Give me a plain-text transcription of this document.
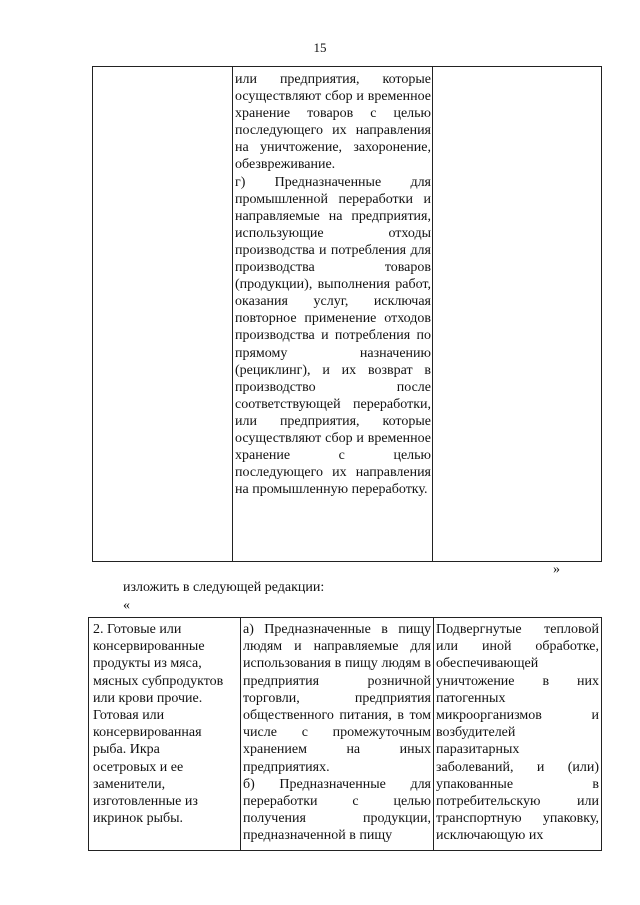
15
или предприятия, которые осуществляют сбор и временное хранение товаров с целью последующего их направления на уничтожение, захоронение, обезвреживание.
г) Предназначенные для промышленной переработки и направляемые на предприятия, использующие отходы производства и потребления для производства товаров (продукции), выполнения работ, оказания услуг, исключая повторное применение отходов производства и потребления по прямому назначению (рециклинг), и их возврат в производство после соответствующей переработки, или предприятия, которые осуществляют сбор и временное хранение с целью последующего их направления на промышленную переработку.
»
изложить в следующей редакции:
«
2. Готовые или
консервированные
продукты из мяса,
мясных субпродуктов
или крови прочие.
Готовая или
консервированная
рыба. Икра
осетровых и ее
заменители,
изготовленные из
икринок рыбы.
а) Предназначенные в пищу людям и направляемые для использования в пищу людям в предприятия розничной торговли, предприятия общественного питания, в том числе с промежуточным хранением на иных предприятиях.
б) Предназначенные для переработки с целью получения продукции, предназначенной в пищу
Подвергнутые тепловой или иной обработке, обеспечивающей уничтожение в них патогенных микроорганизмов и возбудителей паразитарных заболеваний, и (или) упакованные в потребительскую или транспортную упаковку, исключающую их
